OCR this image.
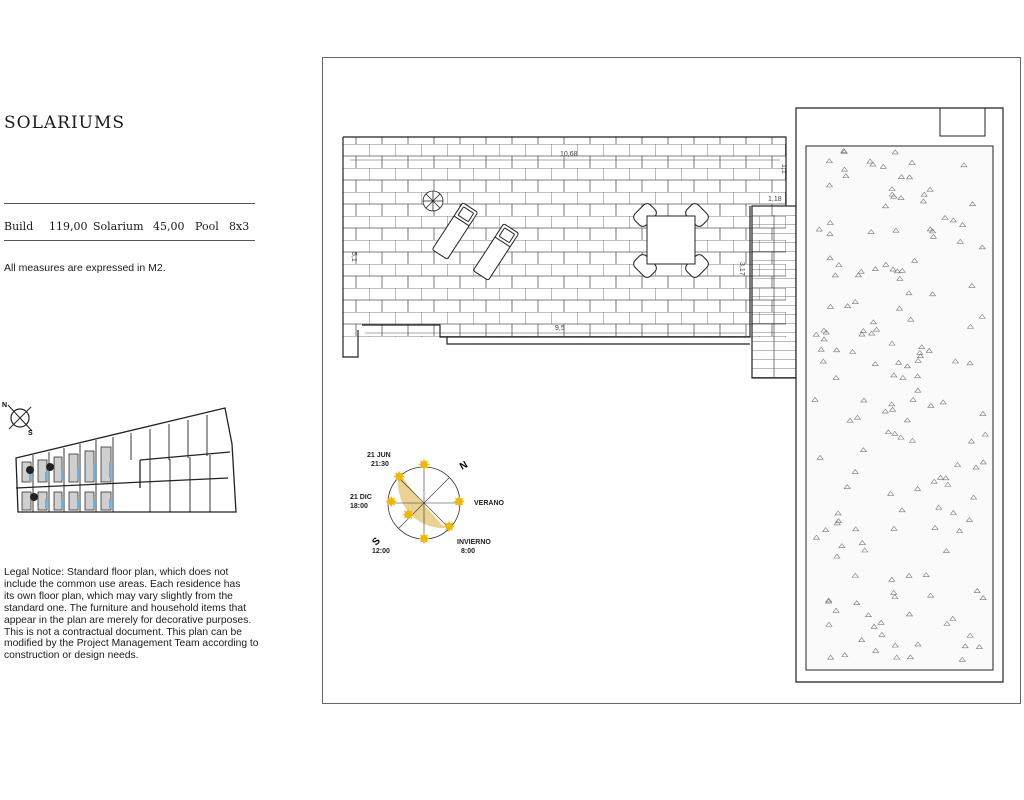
SOLARIUMS
Build	119,00 Solarium 45,00 Pool 8x3
All measures are expressed in M2.
N
S
Legal Notice: Standard floor plan, which does not
include the common use areas. Each residence has
its own floor plan, which may vary slightly from the
standard one. The furniture and household items that
appear in the plan are merely for decorative purposes.
This is not a contractual document. This plan can be
modified by the Project Management Team according to
construction or design needs.
10,68
9,5
5,1
1,18
3,17
1,1
✸
✸
✸	✸
✸
✸
✸
N
S
21 JUN
21:30
21 DIC
18:00	VERANO
INVIERNO
8:00
12:00
